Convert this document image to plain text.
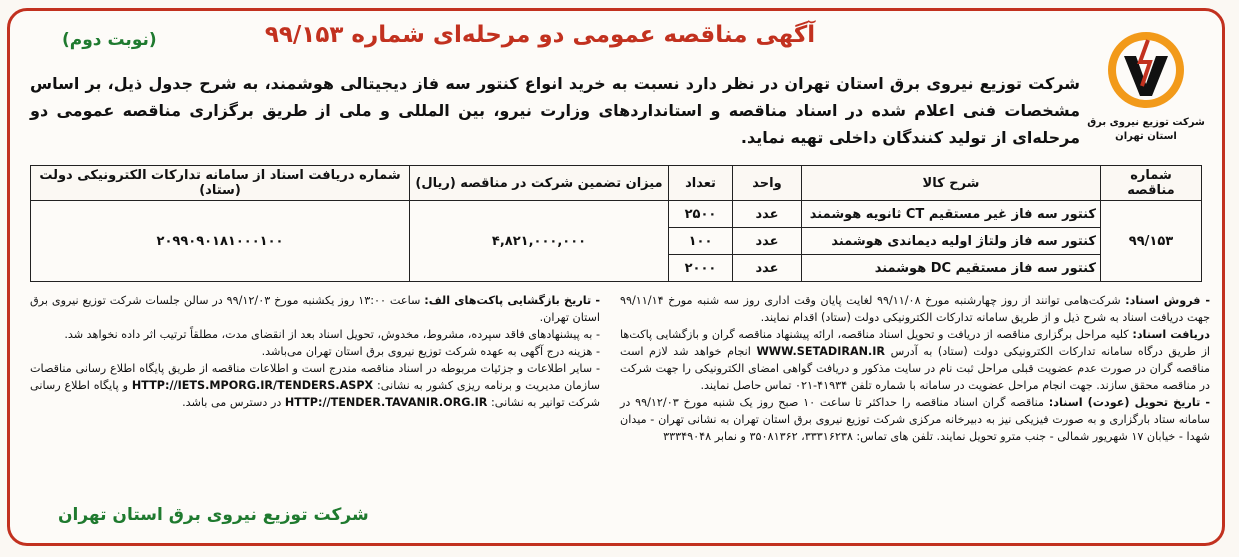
شرکت توزیع نیروی برق
استان تهران
(نوبت دوم)	آگهی مناقصه عمومی دو مرحله‌ای شماره ۹۹/۱۵۳
شرکت توزیع نیروی برق استان تهران در نظر دارد نسبت به خرید انواع کنتور سه فاز دیجیتالی هوشمند، به شرح جدول ذیل، بر اساس مشخصات فنی اعلام شده در اسناد مناقصه و استانداردهای وزارت نیرو، بین المللی و ملی از طریق برگزاری مناقصه عمومی دو مرحله‌ای از تولید کنندگان داخلی تهیه نماید.
شماره مناقصه	شرح کالا	واحد	تعداد	میزان تضمین شرکت در مناقصه (ریال)	شماره دریافت اسناد از سامانه تدارکات الکترونیکی دولت (ستاد)
۹۹/۱۵۳	کنتور سه فاز غیر مستقیم CT ثانویه هوشمند	عدد	۲۵۰۰	۴,۸۲۱,۰۰۰,۰۰۰	۲۰۹۹۰۹۰۱۸۱۰۰۰۱۰۰
	کنتور سه فاز ولتاژ اولیه دیماندی هوشمند	عدد	۱۰۰		
	کنتور سه فاز مستقیم DC هوشمند	عدد	۲۰۰۰		
- فروش اسناد: شرکت‌هامی توانند از روز چهارشنبه مورخ ۹۹/۱۱/۰۸ لغایت پایان وقت اداری روز سه شنبه مورخ ۹۹/۱۱/۱۴ جهت دریافت اسناد به شرح ذیل و از طریق سامانه تدارکات الکترونیکی دولت (ستاد) اقدام نمایند.
دریافت اسناد: کلیه مراحل برگزاری مناقصه از دریافت و تحویل اسناد مناقصه، ارائه پیشنهاد مناقصه گران و بازگشایی پاکت‌ها از طریق درگاه سامانه تدارکات الکترونیکی دولت (ستاد) به آدرس WWW.SETADIRAN.IR انجام خواهد شد لازم است مناقصه گران در صورت عدم عضویت قبلی مراحل ثبت نام در سایت مذکور و دریافت گواهی امضای الکترونیکی را جهت شرکت در مناقصه محقق سازند. جهت انجام مراحل عضویت در سامانه با شماره تلفن ۴۱۹۳۴-۰۲۱ تماس حاصل نمایند.
- تاریخ تحویل (عودت) اسناد: مناقصه گران اسناد مناقصه را حداکثر تا ساعت ۱۰ صبح روز یک شنبه مورخ ۹۹/۱۲/۰۳ در سامانه ستاد بارگزاری و به صورت فیزیکی نیز به دبیرخانه مرکزی شرکت توزیع نیروی برق استان تهران به نشانی تهران - میدان شهدا - خیابان ۱۷ شهریور شمالی - جنب مترو تحویل نمایند. تلفن های تماس: ۳۳۳۱۶۲۳۸، ۳۵۰۸۱۳۶۲ و نمابر ۳۳۳۴۹۰۴۸
- تاریخ بازگشایی پاکت‌های الف: ساعت ۱۳:۰۰ روز یکشنبه مورخ ۹۹/۱۲/۰۳ در سالن جلسات شرکت توزیع نیروی برق استان تهران.
- به پیشنهادهای فاقد سپرده، مشروط، مخدوش، تحویل اسناد بعد از انقضای مدت، مطلقاً ترتیب اثر داده نخواهد شد.
- هزینه درج آگهی به عهده شرکت توزیع نیروی برق استان تهران می‌باشد.
- سایر اطلاعات و جزئیات مربوطه در اسناد مناقصه مندرج است و اطلاعات مناقصه از طریق پایگاه اطلاع رسانی مناقصات سازمان مدیریت و برنامه ریزی کشور به نشانی: HTTP://IETS.MPORG.IR/TENDERS.ASPX و پایگاه اطلاع رسانی شرکت توانیر به نشانی: HTTP://TENDER.TAVANIR.ORG.IR در دسترس می باشد.
شرکت توزیع نیروی برق استان تهران
